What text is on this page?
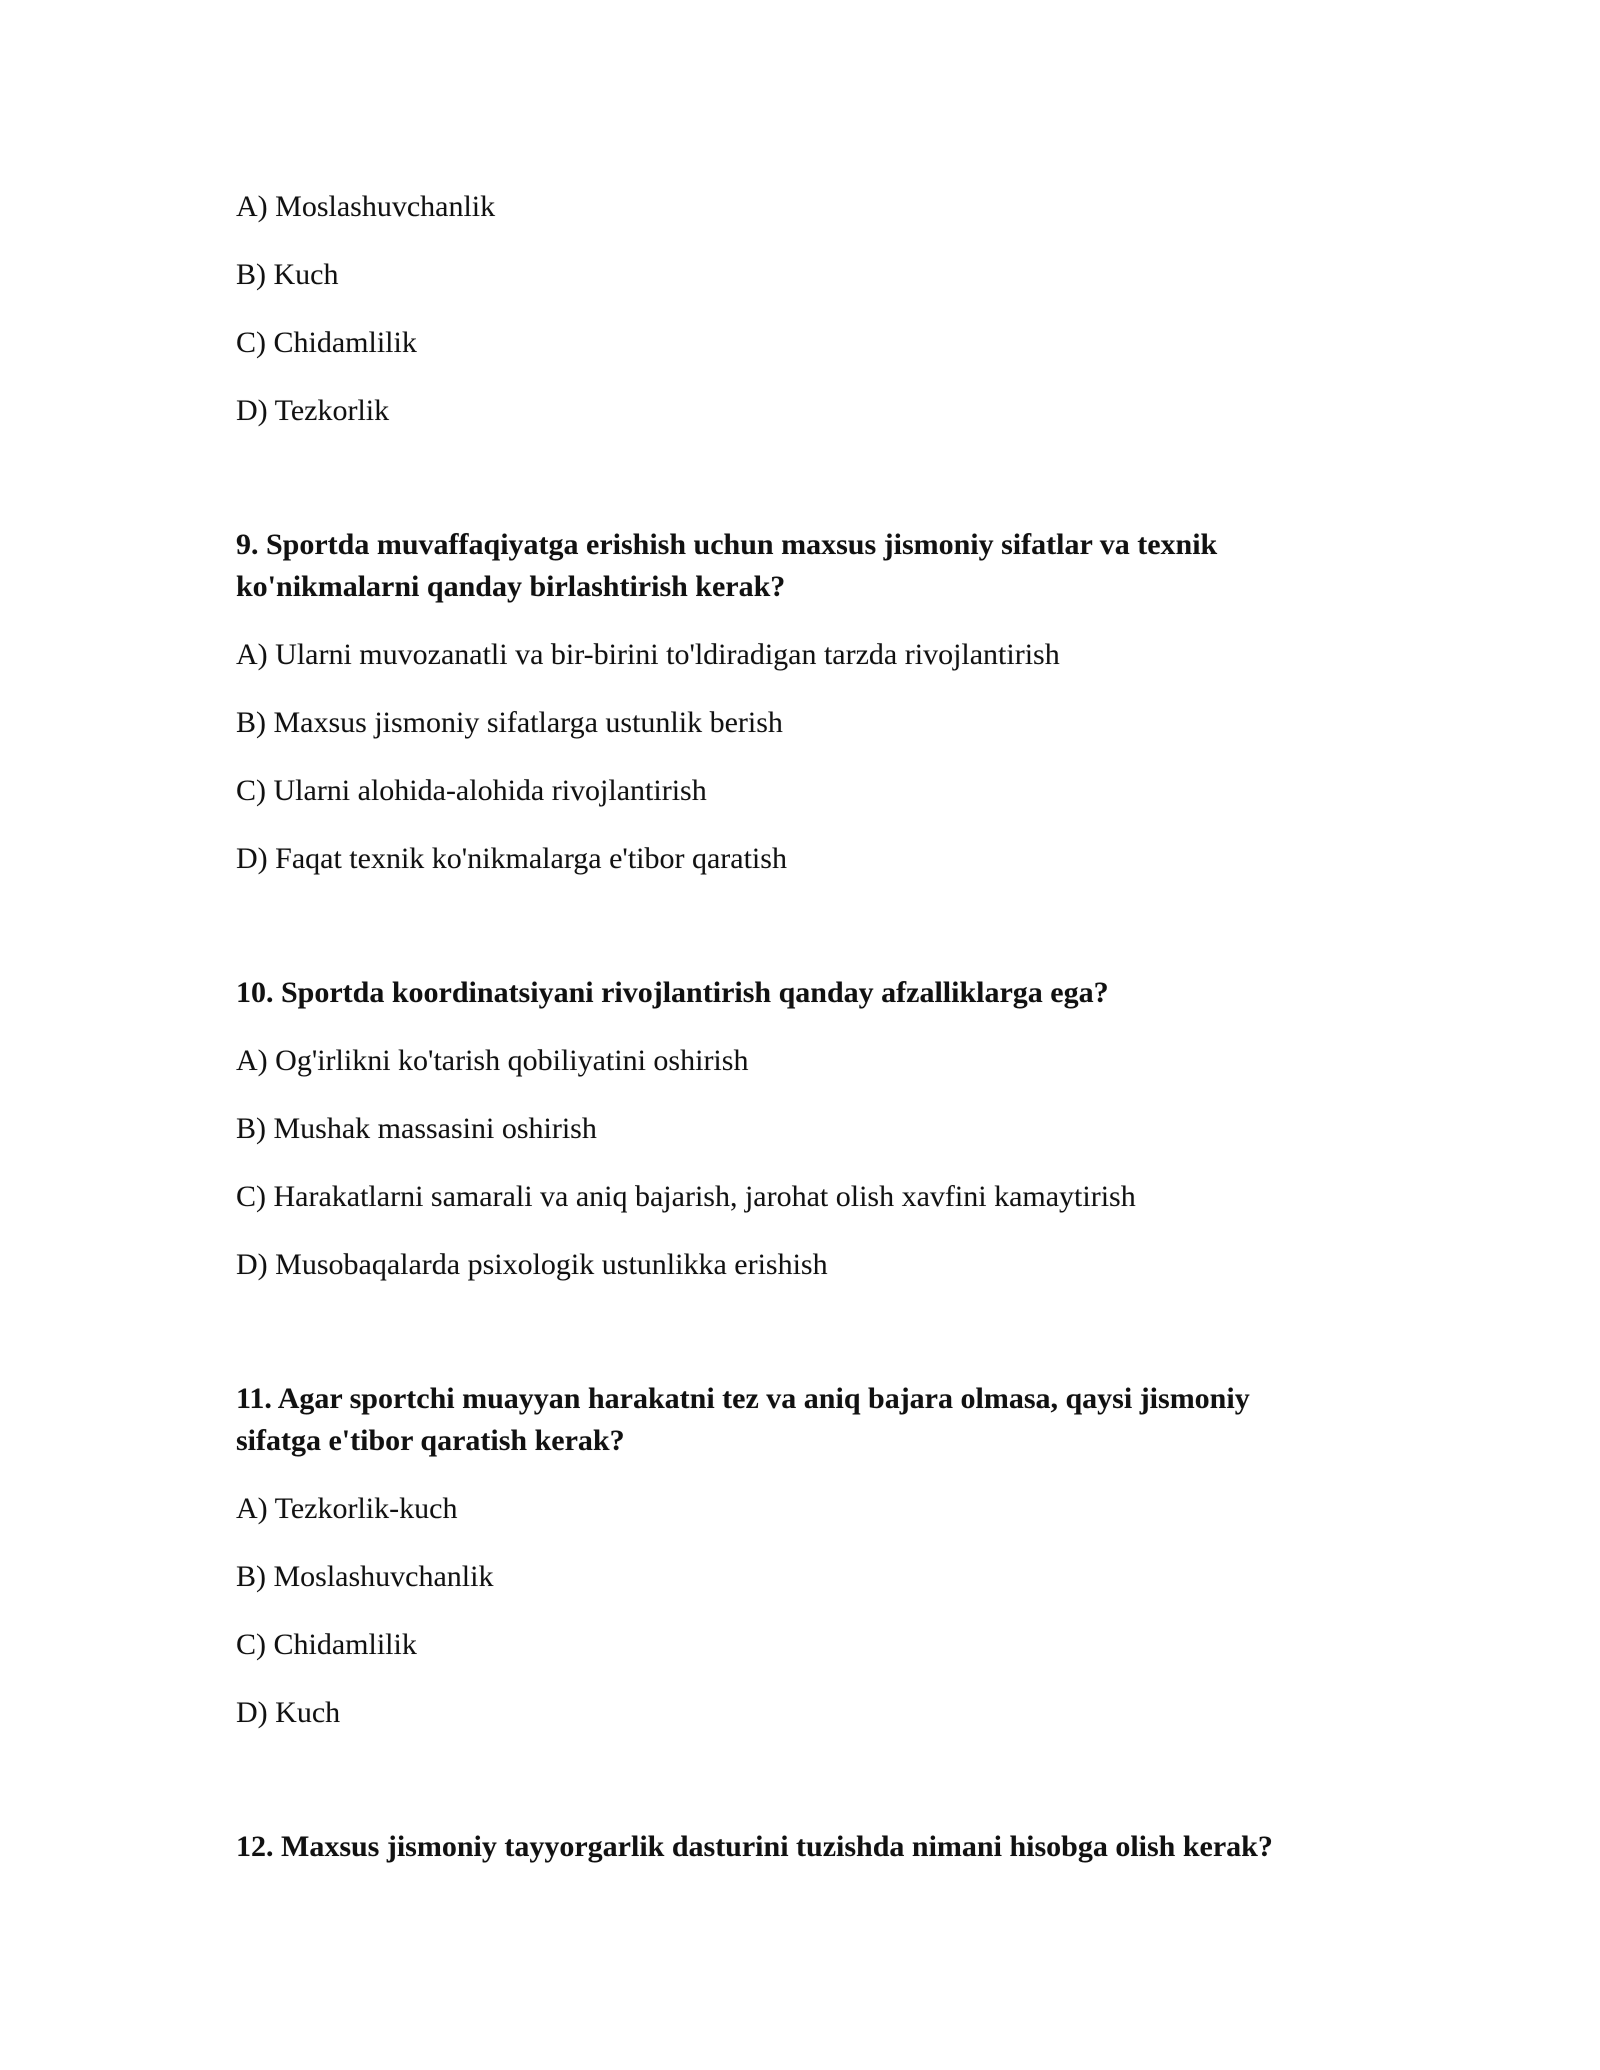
A) Moslashuvchanlik
B) Kuch
C) Chidamlilik
D) Tezkorlik
9. Sportda muvaffaqiyatga erishish uchun maxsus jismoniy sifatlar va texnik
ko'nikmalarni qanday birlashtirish kerak?
A) Ularni muvozanatli va bir-birini to'ldiradigan tarzda rivojlantirish
B) Maxsus jismoniy sifatlarga ustunlik berish
C) Ularni alohida-alohida rivojlantirish
D) Faqat texnik ko'nikmalarga e'tibor qaratish
10. Sportda koordinatsiyani rivojlantirish qanday afzalliklarga ega?
A) Og'irlikni ko'tarish qobiliyatini oshirish
B) Mushak massasini oshirish
C) Harakatlarni samarali va aniq bajarish, jarohat olish xavfini kamaytirish
D) Musobaqalarda psixologik ustunlikka erishish
11. Agar sportchi muayyan harakatni tez va aniq bajara olmasa, qaysi jismoniy
sifatga e'tibor qaratish kerak?
A) Tezkorlik-kuch
B) Moslashuvchanlik
C) Chidamlilik
D) Kuch
12. Maxsus jismoniy tayyorgarlik dasturini tuzishda nimani hisobga olish kerak?
